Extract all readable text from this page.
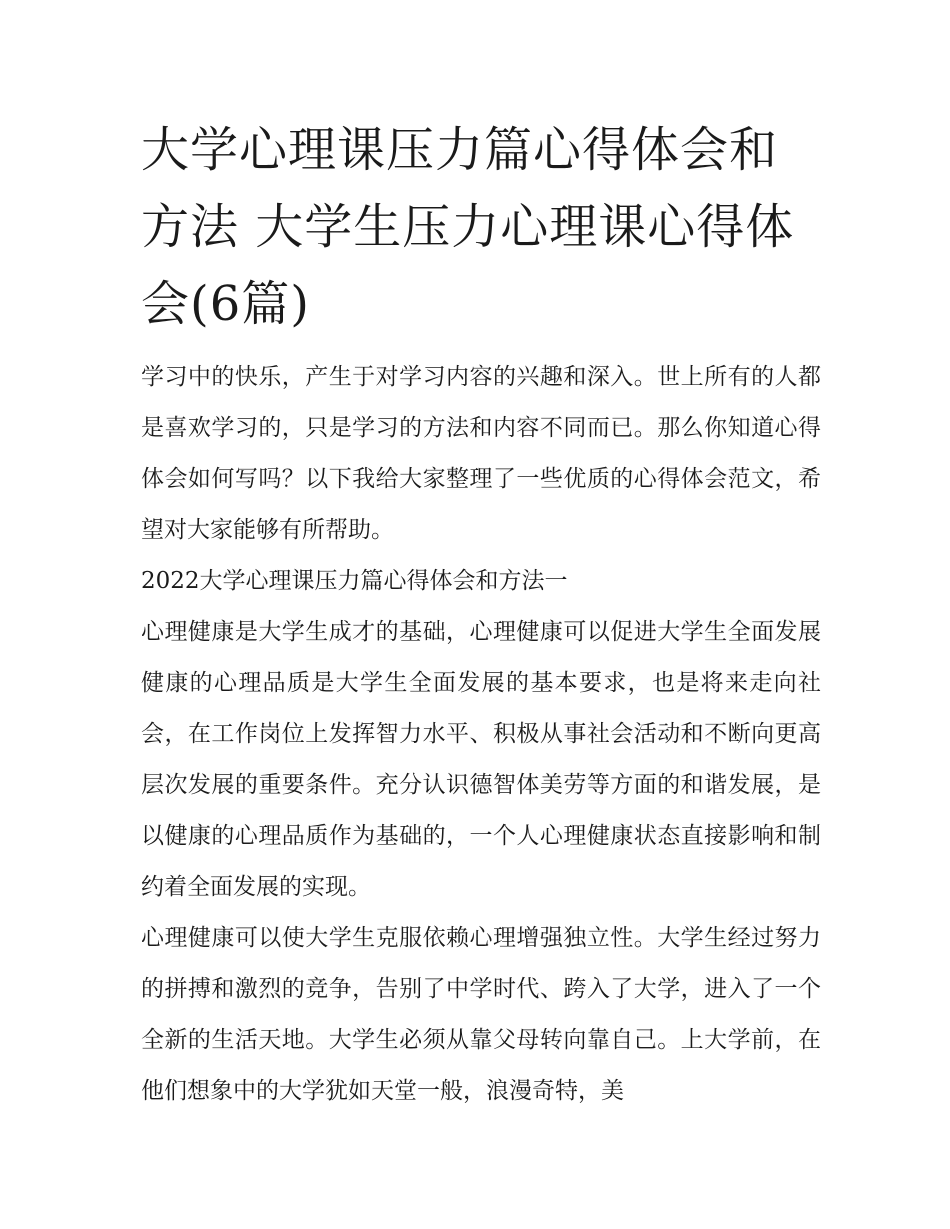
大学心理课压力篇心得体会和方法 大学生压力心理课心得体会(6篇)

学习中的快乐，产生于对学习内容的兴趣和深入。世上所有的人都是喜欢学习的，只是学习的方法和内容不同而已。那么你知道心得体会如何写吗？以下我给大家整理了一些优质的心得体会范文，希望对大家能够有所帮助。

2022大学心理课压力篇心得体会和方法一

心理健康是大学生成才的基础，心理健康可以促进大学生全面发展健康的心理品质是大学生全面发展的基本要求，也是将来走向社会，在工作岗位上发挥智力水平、积极从事社会活动和不断向更高层次发展的重要条件。充分认识德智体美劳等方面的和谐发展，是以健康的心理品质作为基础的，一个人心理健康状态直接影响和制约着全面发展的实现。

心理健康可以使大学生克服依赖心理增强独立性。大学生经过努力的拼搏和激烈的竞争，告别了中学时代、跨入了大学，进入了一个全新的生活天地。大学生必须从靠父母转向靠自己。上大学前，在他们想象中的大学犹如天堂一般，浪漫奇特，美
